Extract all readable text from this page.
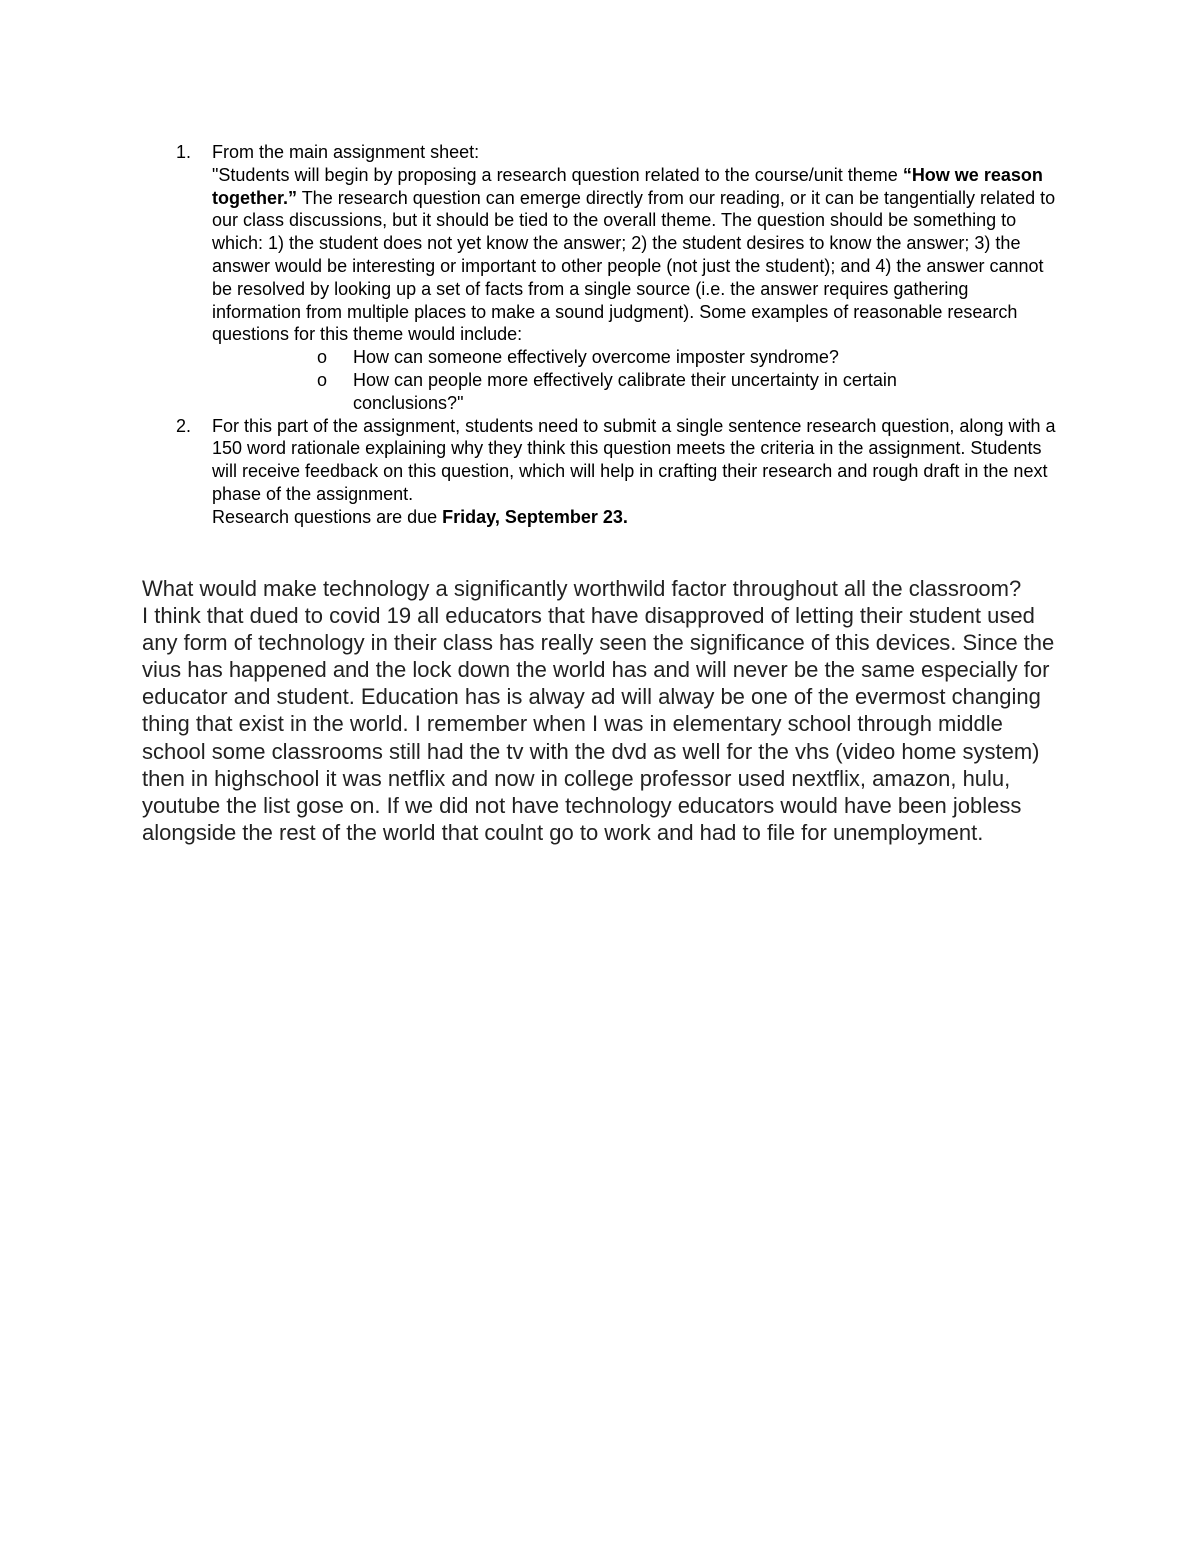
1. From the main assignment sheet:
"Students will begin by proposing a research question related to the course/unit theme “How we reason together.” The research question can emerge directly from our reading, or it can be tangentially related to our class discussions, but it should be tied to the overall theme. The question should be something to which: 1) the student does not yet know the answer; 2) the student desires to know the answer; 3) the answer would be interesting or important to other people (not just the student); and 4) the answer cannot be resolved by looking up a set of facts from a single source (i.e. the answer requires gathering information from multiple places to make a sound judgment). Some examples of reasonable research questions for this theme would include:
o How can someone effectively overcome imposter syndrome?
o How can people more effectively calibrate their uncertainty in certain conclusions?"
2. For this part of the assignment, students need to submit a single sentence research question, along with a 150 word rationale explaining why they think this question meets the criteria in the assignment. Students will receive feedback on this question, which will help in crafting their research and rough draft in the next phase of the assignment.
Research questions are due Friday, September 23.

What would make technology a significantly worthwild factor throughout all the classroom?

I think that dued to covid 19 all educators that have disapproved of letting their student used any form of technology in their class has really seen the significance of this devices. Since the vius has happened and the lock down the world has and will never be the same especially for educator and student. Education has is alway ad will alway be one of the evermost changing thing that exist in the world. I remember when I was in elementary school through middle school some classrooms still had the tv with the dvd as well for the vhs (video home system) then in highschool it was netflix and now in college professor used nextflix, amazon, hulu, youtube the list gose on. If we did not have technology educators would have been jobless alongside the rest of the world that coulnt go to work and had to file for unemployment.
